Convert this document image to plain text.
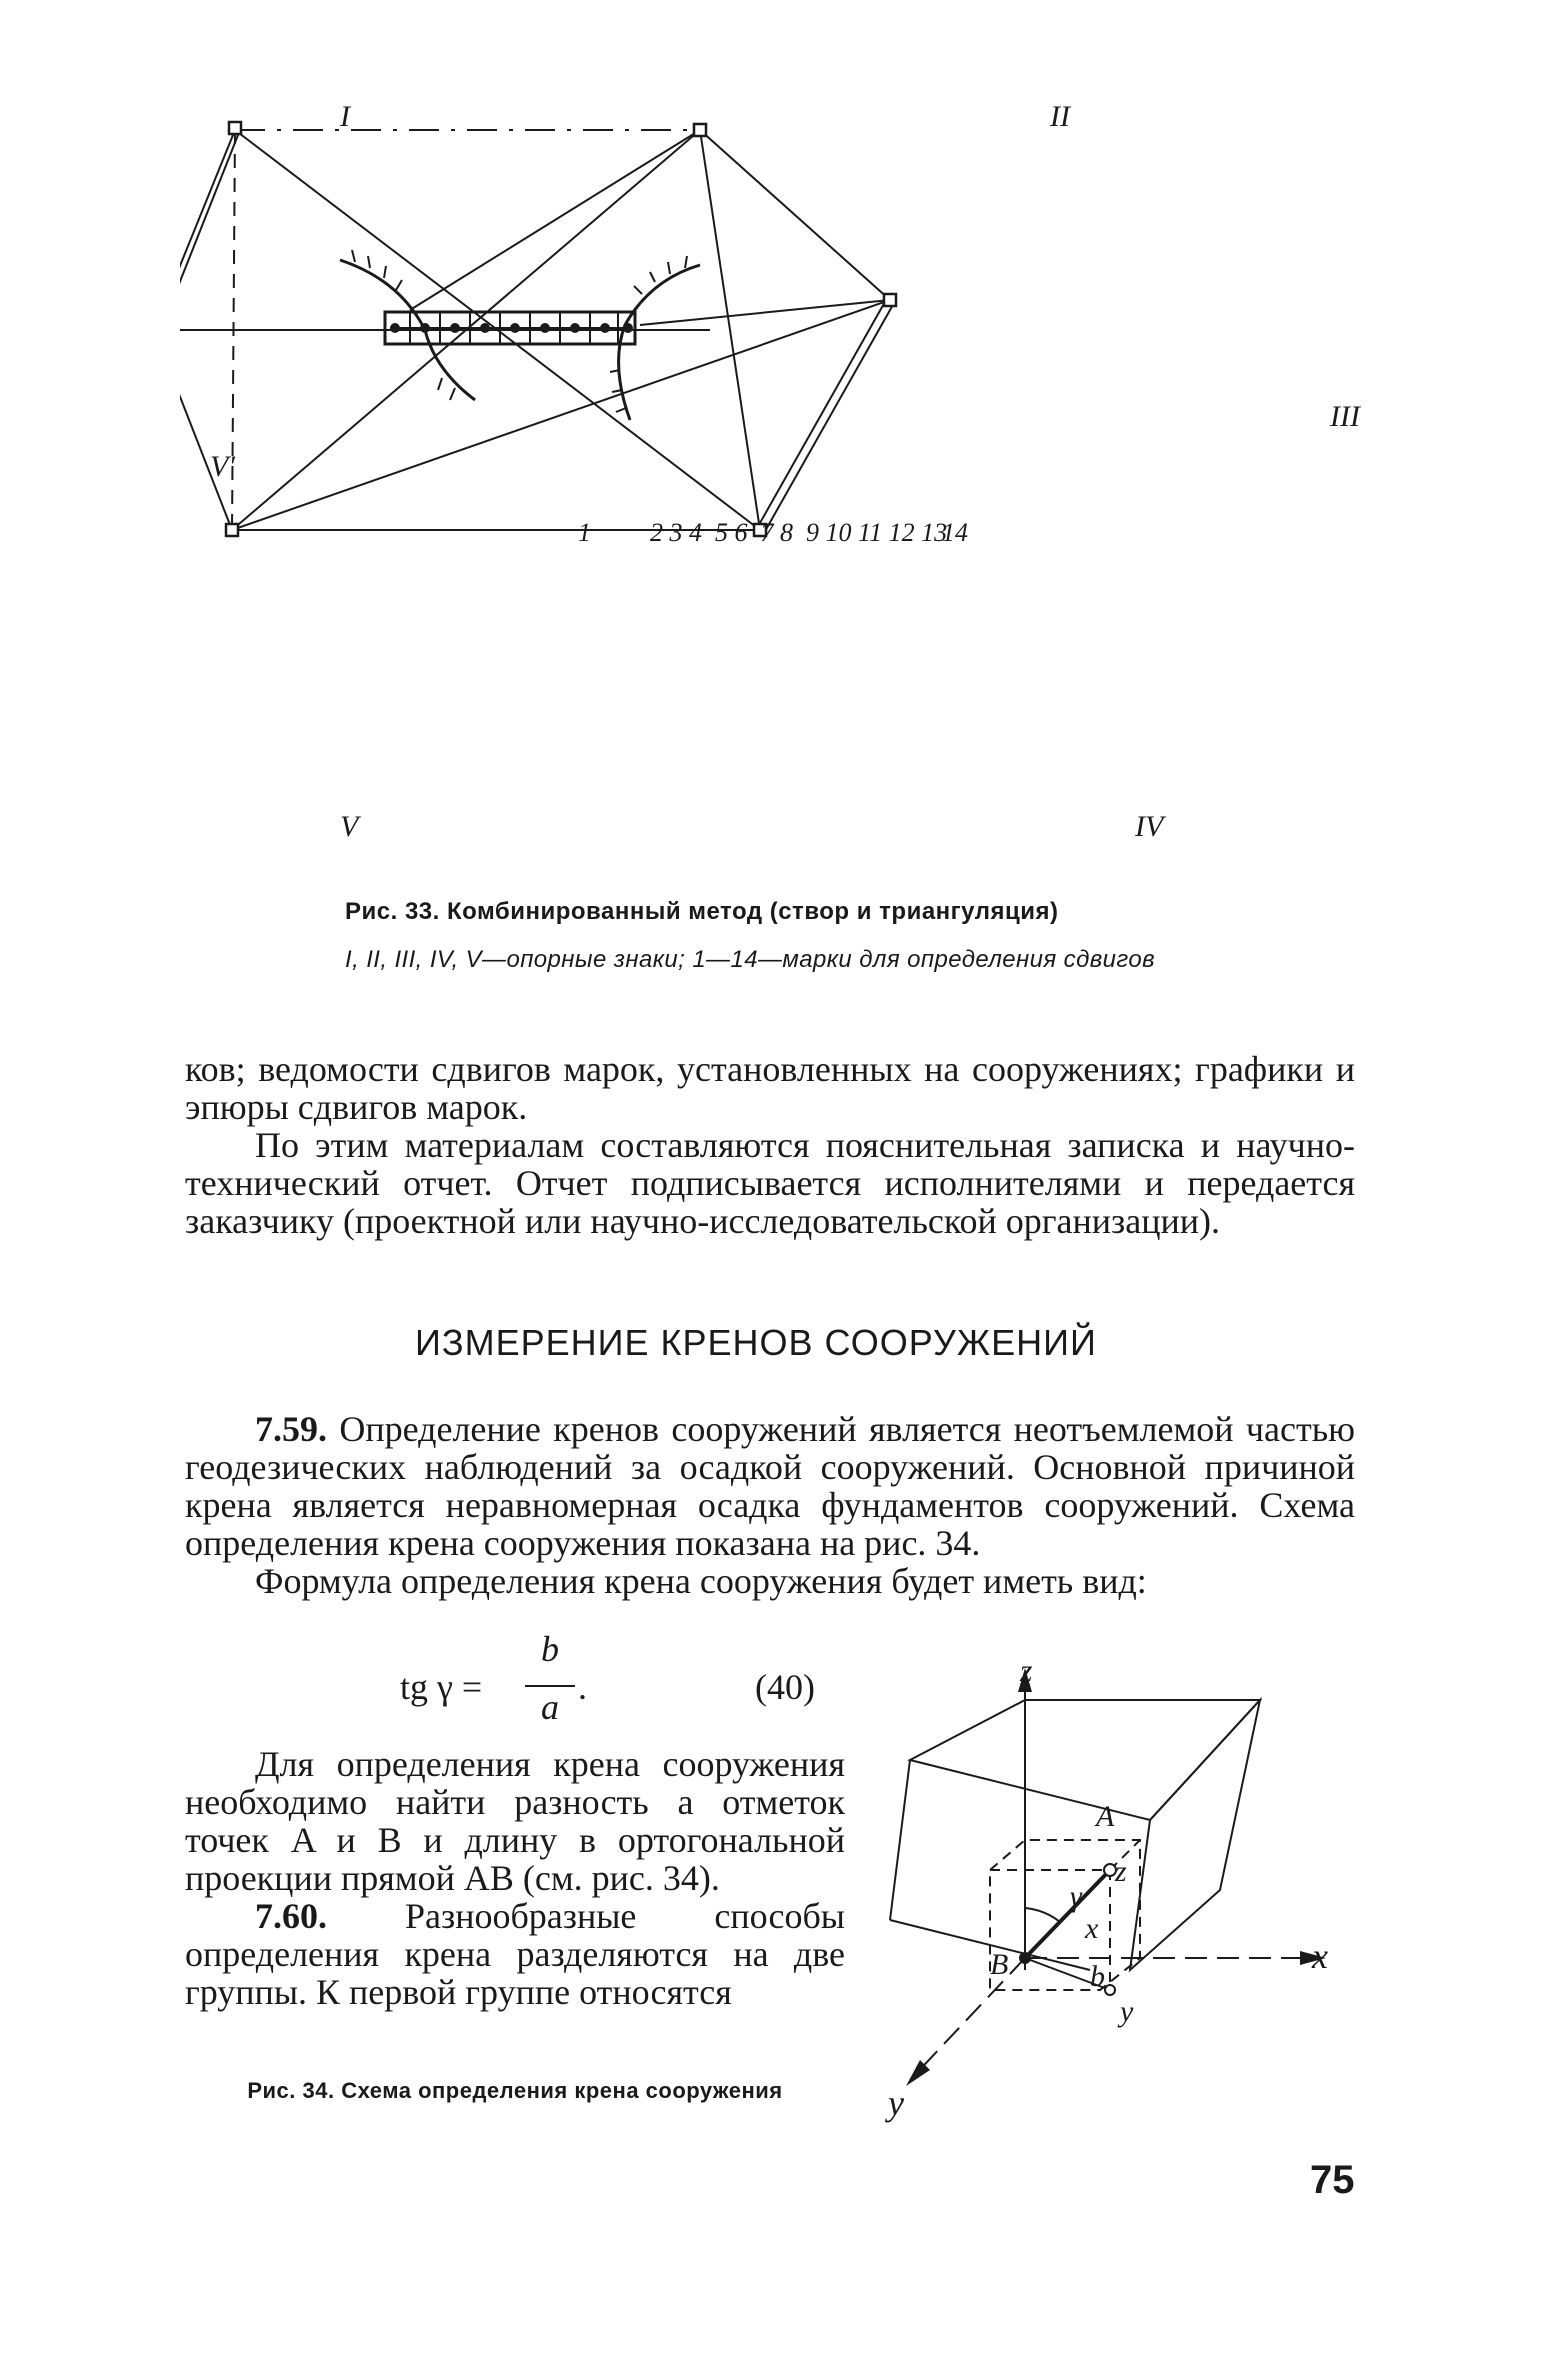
I	II
III
IV
V
V'
1 2 3 4  5 6  7 8  9 10 11 12 13
14
Рис. 33. Комбинированный метод (створ и триангуляция)
I, II, III, IV, V—опорные знаки; 1—14—марки для определения сдвигов

ков; ведомости сдвигов марок, установленных на сооружениях; графики и эпюры сдвигов марок.

По этим материалам составляются пояснительная записка и научно-технический отчет. Отчет подписывается исполнителями и передается заказчику (проектной или научно-исследовательской организации).

ИЗМЕРЕНИЕ КРЕНОВ СООРУЖЕНИЙ

7.59. Определение кренов сооружений является неотъемлемой частью геодезических наблюдений за осадкой сооружений. Основной причиной крена является неравномерная осадка фундаментов сооружений. Схема определения крена сооружения показана на рис. 34.

Формула определения крена сооружения будет иметь вид:

tg γ =
b
a .	(40)

Для определения крена сооружения необходимо найти разность a отметок точек A и B и длину в ортогональной проекции прямой AB (см. рис. 34).

7.60. Разнообразные способы определения крена разделяются на две группы. К первой группе относятся

z
x
y
A
B
z
x
b
y
γ
Рис. 34. Схема определения крена сооружения
75
